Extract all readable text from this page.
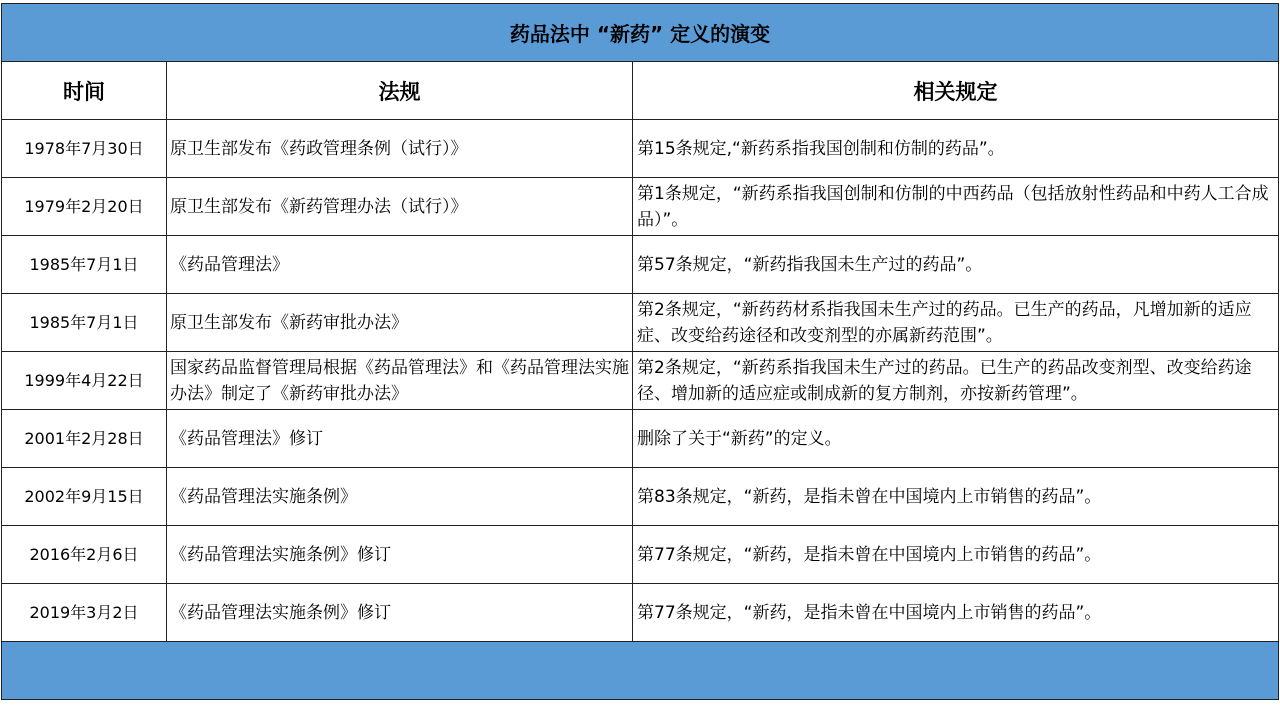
药品法中 “新药” 定义的演变		
时间	法规	相关规定
1978年7月30日	原卫生部发布《药政管理条例（试行）》	第15条规定,“新药系指我国创制和仿制的药品”。
1979年2月20日	原卫生部发布《新药管理办法（试行）》	第1条规定，“新药系指我国创制和仿制的中西药品（包括放射性药品和中药人工合成品）”。
1985年7月1日	《药品管理法》	第57条规定，“新药指我国未生产过的药品”。
1985年7月1日	原卫生部发布《新药审批办法》	第2条规定，“新药药材系指我国未生产过的药品。已生产的药品，凡增加新的适应症、改变给药途径和改变剂型的亦属新药范围”。
1999年4月22日	国家药品监督管理局根据《药品管理法》和《药品管理法实施办法》制定了《新药审批办法》	第2条规定，“新药系指我国未生产过的药品。已生产的药品改变剂型、改变给药途径、增加新的适应症或制成新的复方制剂，亦按新药管理”。
2001年2月28日	《药品管理法》修订	删除了关于“新药”的定义。
2002年9月15日	《药品管理法实施条例》	第83条规定，“新药，是指未曾在中国境内上市销售的药品”。
2016年2月6日	《药品管理法实施条例》修订	第77条规定，“新药，是指未曾在中国境内上市销售的药品”。
2019年3月2日	《药品管理法实施条例》修订	第77条规定，“新药，是指未曾在中国境内上市销售的药品”。
